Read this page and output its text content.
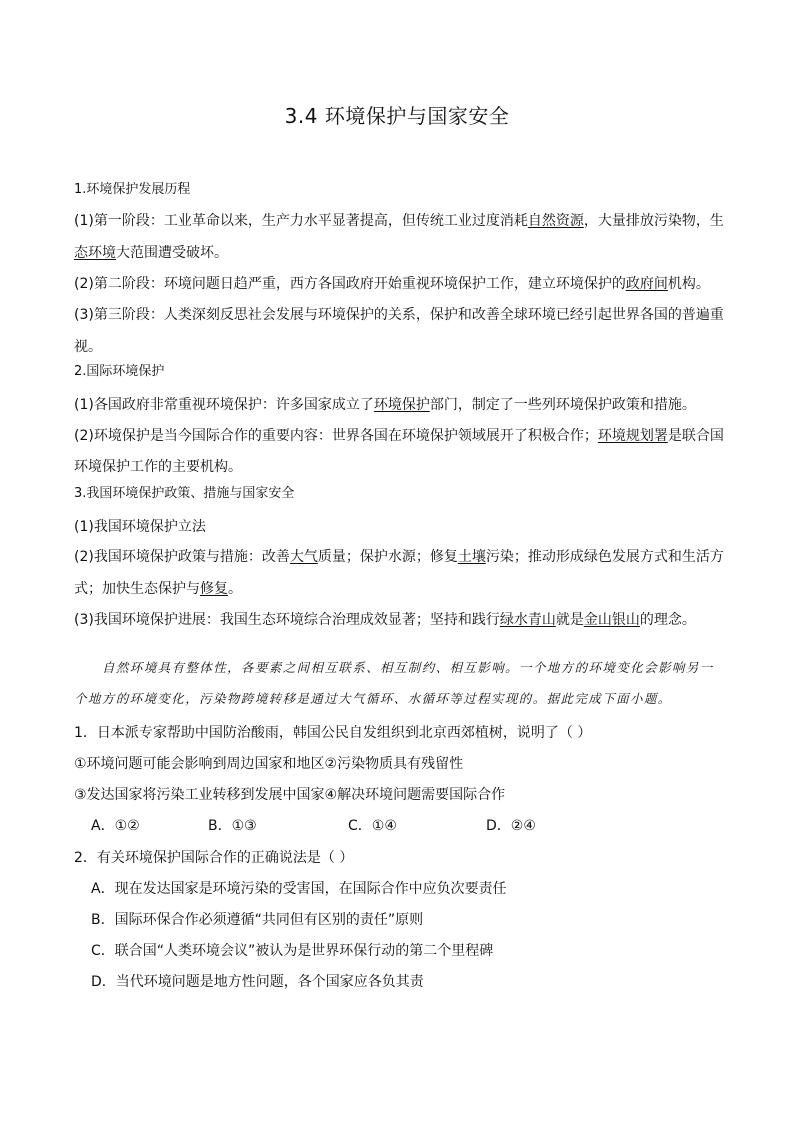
3.4 环境保护与国家安全
1.环境保护发展历程
(1)第一阶段：工业革命以来，生产力水平显著提高，但传统工业过度消耗自然资源，大量排放污染物，生
态环境大范围遭受破坏。
(2)第二阶段：环境问题日趋严重，西方各国政府开始重视环境保护工作，建立环境保护的政府间机构。
(3)第三阶段：人类深刻反思社会发展与环境保护的关系，保护和改善全球环境已经引起世界各国的普遍重
视。
2.国际环境保护
(1)各国政府非常重视环境保护：许多国家成立了环境保护部门，制定了一些列环境保护政策和措施。
(2)环境保护是当今国际合作的重要内容：世界各国在环境保护领域展开了积极合作；环境规划署是联合国
环境保护工作的主要机构。
3.我国环境保护政策、措施与国家安全
(1)我国环境保护立法
(2)我国环境保护政策与措施：改善大气质量；保护水源；修复土壤污染；推动形成绿色发展方式和生活方
式；加快生态保护与修复。
(3)我国环境保护进展：我国生态环境综合治理成效显著；坚持和践行绿水青山就是金山银山的理念。
自然环境具有整体性，各要素之间相互联系、相互制约、相互影响。一个地方的环境变化会影响另一个地方的环境变化，污染物跨境转移是通过大气循环、水循环等过程实现的。据此完成下面小题。
1．日本派专家帮助中国防治酸雨，韩国公民自发组织到北京西郊植树，说明了（ ）
①环境问题可能会影响到周边国家和地区②污染物质具有残留性
③发达国家将污染工业转移到发展中国家④解决环境问题需要国际合作
A．①②	B．①③	C．①④	D．②④
2．有关环境保护国际合作的正确说法是（ ）
A．现在发达国家是环境污染的受害国，在国际合作中应负次要责任
B．国际环保合作必须遵循“共同但有区别的责任”原则
C．联合国“人类环境会议”被认为是世界环保行动的第二个里程碑
D．当代环境问题是地方性问题，各个国家应各负其责
